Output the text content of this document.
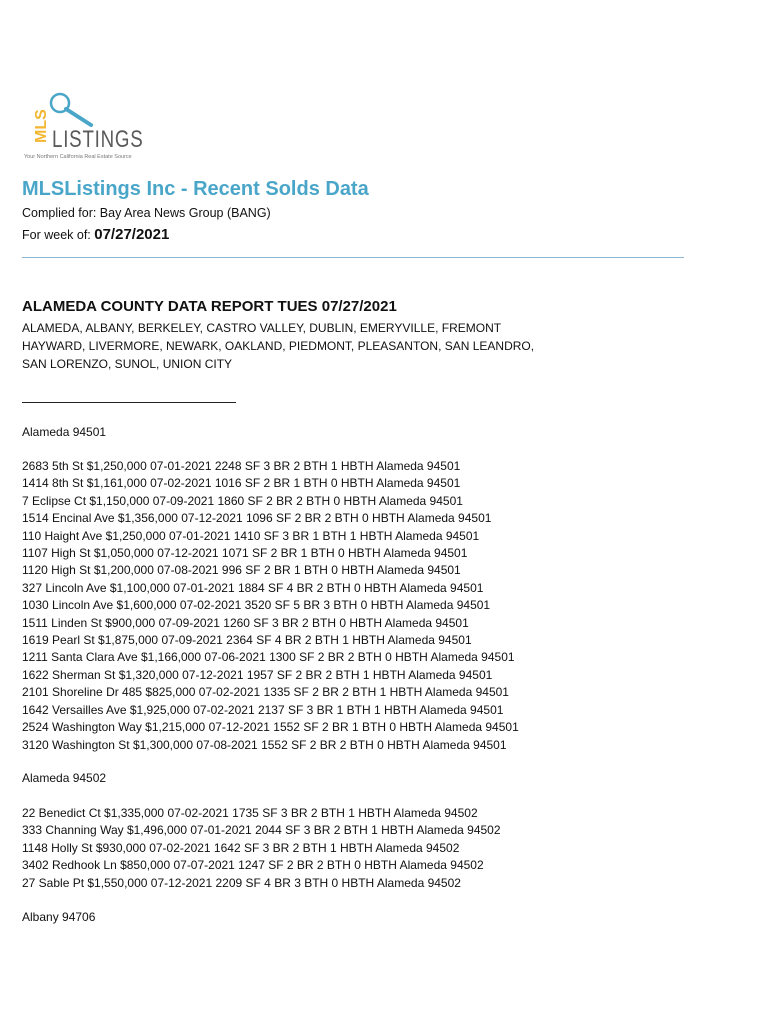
MLS LISTINGS
Your Northern California Real Estate Source
MLSListings Inc - Recent Solds Data
Complied for: Bay Area News Group (BANG)
For week of: 07/27/2021
ALAMEDA COUNTY DATA REPORT TUES 07/27/2021
ALAMEDA, ALBANY, BERKELEY, CASTRO VALLEY, DUBLIN, EMERYVILLE, FREMONT
HAYWARD, LIVERMORE, NEWARK, OAKLAND, PIEDMONT, PLEASANTON, SAN LEANDRO,
SAN LORENZO, SUNOL, UNION CITY
Alameda 94501
2683 5th St $1,250,000 07-01-2021 2248 SF 3 BR 2 BTH 1 HBTH Alameda 94501
1414 8th St $1,161,000 07-02-2021 1016 SF 2 BR 1 BTH 0 HBTH Alameda 94501
7 Eclipse Ct $1,150,000 07-09-2021 1860 SF 2 BR 2 BTH 0 HBTH Alameda 94501
1514 Encinal Ave $1,356,000 07-12-2021 1096 SF 2 BR 2 BTH 0 HBTH Alameda 94501
110 Haight Ave $1,250,000 07-01-2021 1410 SF 3 BR 1 BTH 1 HBTH Alameda 94501
1107 High St $1,050,000 07-12-2021 1071 SF 2 BR 1 BTH 0 HBTH Alameda 94501
1120 High St $1,200,000 07-08-2021 996 SF 2 BR 1 BTH 0 HBTH Alameda 94501
327 Lincoln Ave $1,100,000 07-01-2021 1884 SF 4 BR 2 BTH 0 HBTH Alameda 94501
1030 Lincoln Ave $1,600,000 07-02-2021 3520 SF 5 BR 3 BTH 0 HBTH Alameda 94501
1511 Linden St $900,000 07-09-2021 1260 SF 3 BR 2 BTH 0 HBTH Alameda 94501
1619 Pearl St $1,875,000 07-09-2021 2364 SF 4 BR 2 BTH 1 HBTH Alameda 94501
1211 Santa Clara Ave $1,166,000 07-06-2021 1300 SF 2 BR 2 BTH 0 HBTH Alameda 94501
1622 Sherman St $1,320,000 07-12-2021 1957 SF 2 BR 2 BTH 1 HBTH Alameda 94501
2101 Shoreline Dr 485 $825,000 07-02-2021 1335 SF 2 BR 2 BTH 1 HBTH Alameda 94501
1642 Versailles Ave $1,925,000 07-02-2021 2137 SF 3 BR 1 BTH 1 HBTH Alameda 94501
2524 Washington Way $1,215,000 07-12-2021 1552 SF 2 BR 1 BTH 0 HBTH Alameda 94501
3120 Washington St $1,300,000 07-08-2021 1552 SF 2 BR 2 BTH 0 HBTH Alameda 94501
Alameda 94502
22 Benedict Ct $1,335,000 07-02-2021 1735 SF 3 BR 2 BTH 1 HBTH Alameda 94502
333 Channing Way $1,496,000 07-01-2021 2044 SF 3 BR 2 BTH 1 HBTH Alameda 94502
1148 Holly St $930,000 07-02-2021 1642 SF 3 BR 2 BTH 1 HBTH Alameda 94502
3402 Redhook Ln $850,000 07-07-2021 1247 SF 2 BR 2 BTH 0 HBTH Alameda 94502
27 Sable Pt $1,550,000 07-12-2021 2209 SF 4 BR 3 BTH 0 HBTH Alameda 94502
Albany 94706
